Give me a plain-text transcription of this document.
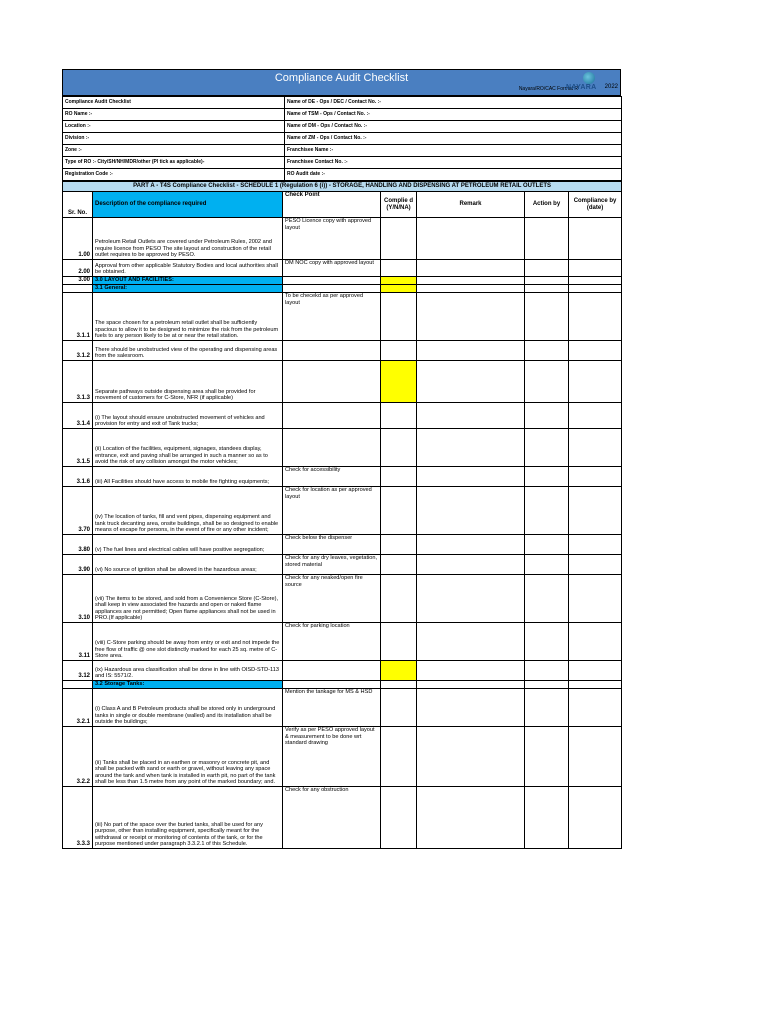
Compliance Audit Checklist
Nayara/RO/CAC Format R
NAYARA 2022
Compliance Audit Checklist	Name of DE - Ops / DEC / Contact No. :-
RO Name :-	Name of TSM - Ops / Contact No. :-
Location :-	Name of DM - Ops / Contact No. :-
Division :-	Name of ZM - Ops / Contact No. :-
Zone :-	Franchisee Name :-
Type of RO :- City/SH/NH/MDR/other (Pl tick as applicable)-	Franchisee Contact No. :-
Registration Code :-	RO Audit date :-
PART A - T4S Compliance Checklist - SCHEDULE 1 (Regulation 6 (i)) - STORAGE, HANDLING AND DISPENSING AT PETROLEUM RETAIL OUTLETS						
Sr. No.	Description of the compliance required	Check Point	Complie d (Y/N/NA)	Remark	Action by	Compliance by (date)
1.00	Petroleum Retail Outlets are covered under Petroleum Rules, 2002 and require licence from PESO The site layout and construction of the retail outlet requires to be approved by PESO.	PESO Licence copy with approved layout				
2.00	Approval from other applicable Statutory Bodies and local authorities shall be obtained.	DM NOC copy with approved layout				
3.00	3.0 LAYOUT AND FACILITIES:					
	3.1 General:					
3.1.1	The space chosen for a petroleum retail outlet shall be sufficiently spacious to allow it to be designed to minimize the risk from the petroleum fuels to any person likely to be at or near the retail station.	To be checekd as per approved layout				
3.1.2	There should be unobstructed view of the operating and dispensing areas from the salesroom.					
3.1.3	Separate pathways outside dispensing area shall be provided for movement of customers for C-Store, NFR (if applicable)					
3.1.4	(i) The layout should ensure unobstructed movement of vehicles and provision for entry and exit of Tank trucks;					
3.1.5	(ii) Location of the facilities, equipment, signages, standees display, entrance, exit and paving shall be arranged in such a manner so as to avoid the risk of any collision amongst the motor vehicles;					
3.1.6	(iii) All Facilities should have access to mobile fire fighting equipments;	Check for accessibility				
3.70	(iv) The location of tanks, fill and vent pipes, dispensing equipment and tank truck decanting area, onsite buildings, shall be so designed to enable means of escape for persons, in the event of fire or any other incident;	Check for location as per approved layout				
3.80	(v) The fuel lines and electrical cables will have positive segregation;	Check below the dispenser				
3.90	(vi) No source of ignition shall be allowed in the hazardous areas;	Check for any dry leaves, vegetation, stored material				
3.10	(vii) The items to be stored, and sold from a Convenience Store (C-Store), shall keep in view associated fire hazards and open or naked flame appliances are not permitted; Open flame appliances shall not be used in PRO.(If applicable)	Check for any neaked/open fire source				
3.11	(viii) C-Store parking should be away from entry or exit and not impede the free flow of traffic @ one slot distinctly marked for each 25 sq. metre of C- Store area.	Check for parking location				
3.12	(ix) Hazardous area classification shall be done in line with OISD-STD-113 and IS: 5571/2.					
	3.2 Storage Tanks:					
3.2.1	(i) Class A and B Petroleum products shall be stored only in underground tanks in single or double membrane (walled) and its installation shall be outside the buildings;	Mention the tankage for MS & HSD				
3.2.2	(ii) Tanks shall be placed in an earthen or masonry or concrete pit, and shall be packed with sand or earth or gravel, without leaving any space around the tank and when tank is installed in earth pit, no part of the tank shall be less than 1.5 metre from any point of the marked boundary; and.	Verify as per PESO approved layout & measurement to be done wrt standard drawing				
3.3.3	(iii) No part of the space over the buried tanks, shall be used for any purpose, other than installing equipment, specifically meant for the withdrawal or receipt or monitoring of contents of the tank, or for the purpose mentioned under paragraph 3.3.2.1 of this Schedule.	Check for any obstruction				
